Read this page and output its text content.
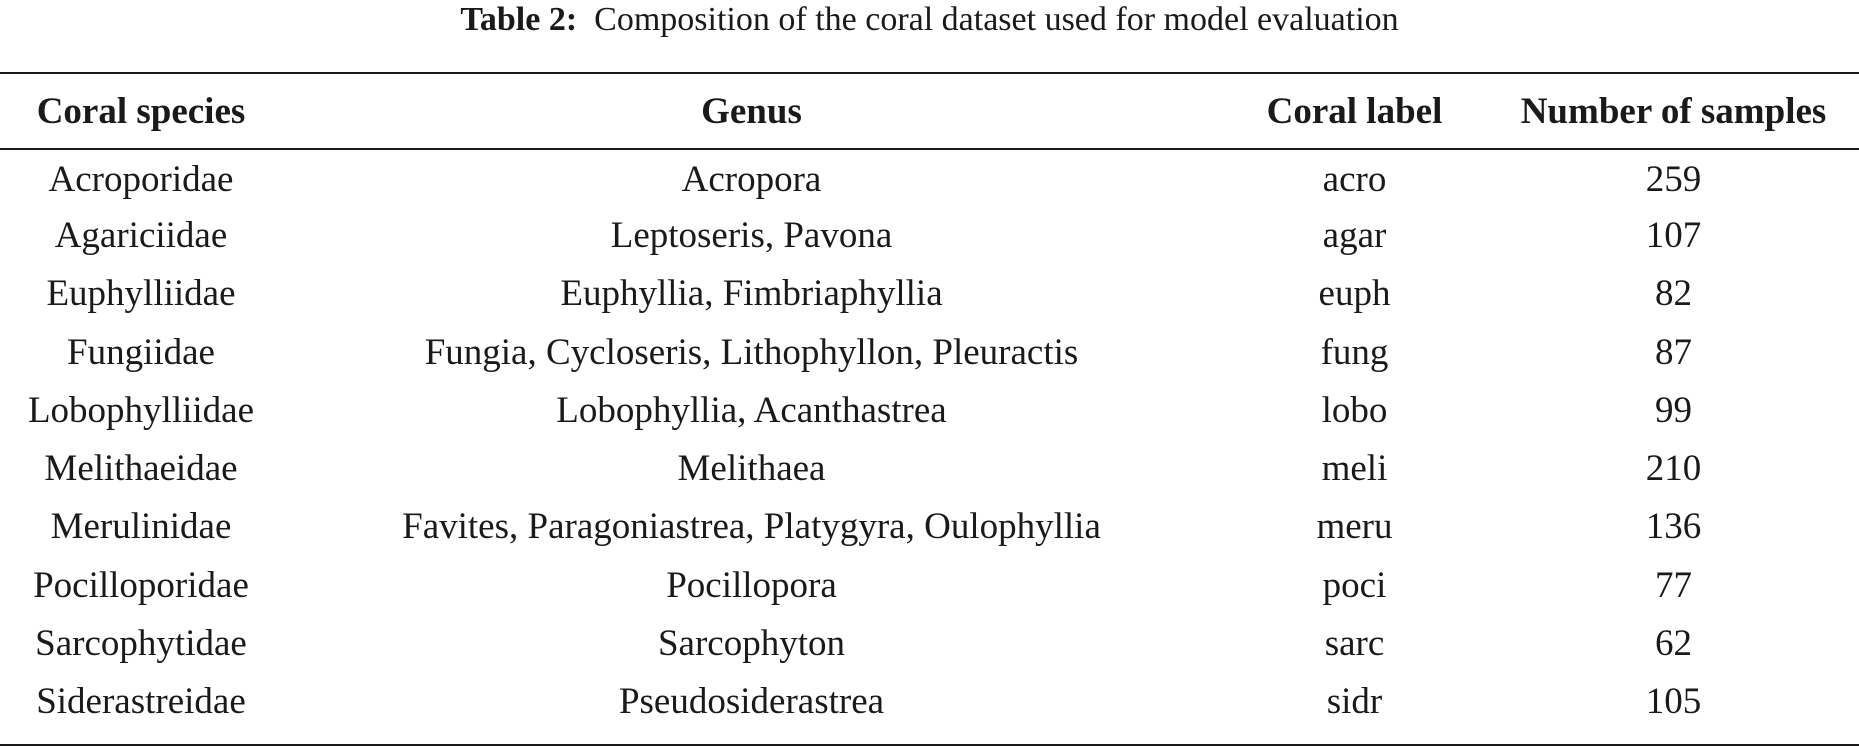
Table 2: Composition of the coral dataset used for model evaluation
Coral species	Genus	Coral label	Number of samples
Acroporidae	Acropora	acro	259
Agariciidae	Leptoseris, Pavona	agar	107
Euphylliidae	Euphyllia, Fimbriaphyllia	euph	82
Fungiidae	Fungia, Cycloseris, Lithophyllon, Pleuractis	fung	87
Lobophylliidae	Lobophyllia, Acanthastrea	lobo	99
Melithaeidae	Melithaea	meli	210
Merulinidae	Favites, Paragoniastrea, Platygyra, Oulophyllia	meru	136
Pocilloporidae	Pocillopora	poci	77
Sarcophytidae	Sarcophyton	sarc	62
Siderastreidae	Pseudosiderastrea	sidr	105
